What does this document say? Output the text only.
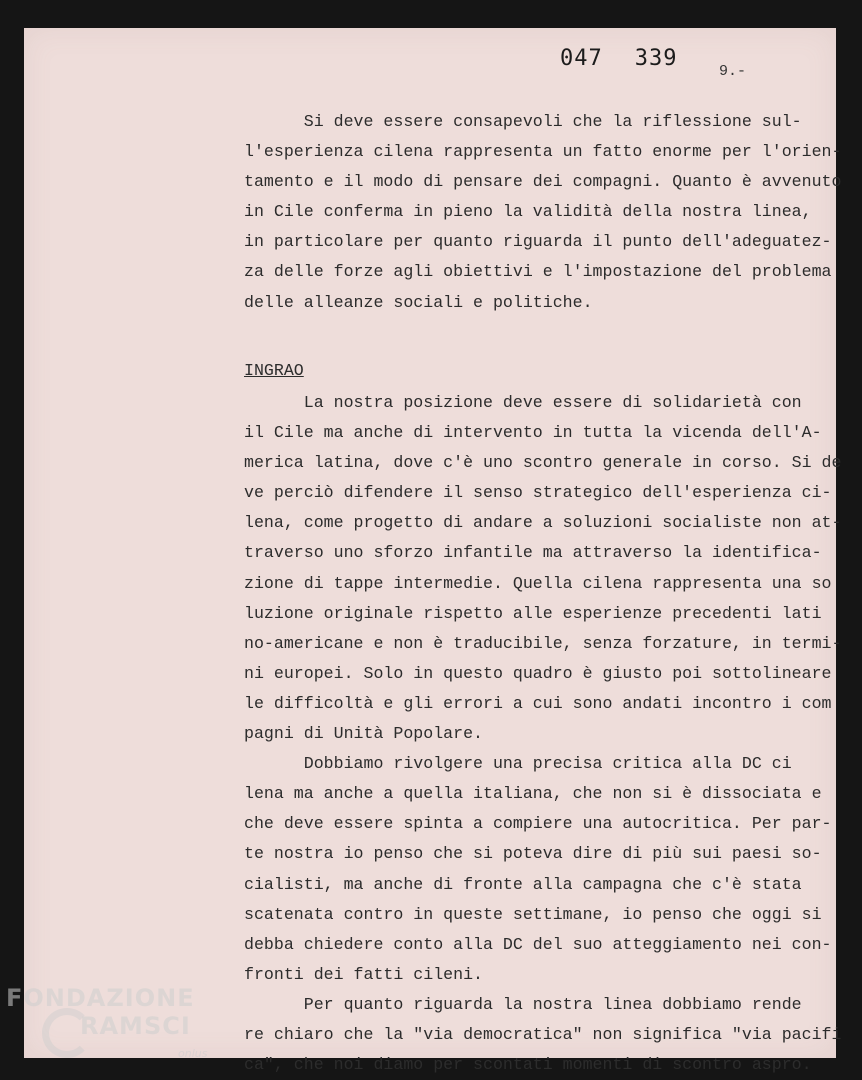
047 339
9.-
Si deve essere consapevoli che la riflessione sul-
l'esperienza cilena rappresenta un fatto enorme per l'orien-
tamento e il modo di pensare dei compagni. Quanto è avvenuto
in Cile conferma in pieno la validità della nostra linea,
in particolare per quanto riguarda il punto dell'adeguatez-
za delle forze agli obiettivi e l'impostazione del problema
delle alleanze sociali e politiche.
INGRAO
La nostra posizione deve essere di solidarietà con
il Cile ma anche di intervento in tutta la vicenda dell'A-
merica latina, dove c'è uno scontro generale in corso. Si de
ve perciò difendere il senso strategico dell'esperienza ci-
lena, come progetto di andare a soluzioni socialiste non at-
traverso uno sforzo infantile ma attraverso la identifica-
zione di tappe intermedie. Quella cilena rappresenta una so
luzione originale rispetto alle esperienze precedenti lati
no-americane e non è traducibile, senza forzature, in termi-
ni europei. Solo in questo quadro è giusto poi sottolineare
le difficoltà e gli errori a cui sono andati incontro i com
pagni di Unità Popolare.
Dobbiamo rivolgere una precisa critica alla DC ci
lena ma anche a quella italiana, che non si è dissociata e
che deve essere spinta a compiere una autocritica. Per par-
te nostra io penso che si poteva dire di più sui paesi so-
cialisti, ma anche di fronte alla campagna che c'è stata
scatenata contro in queste settimane, io penso che oggi si
debba chiedere conto alla DC del suo atteggiamento nei con-
fronti dei fatti cileni.
Per quanto riguarda la nostra linea dobbiamo rende
re chiaro che la "via democratica" non significa "via pacifi
ca", che noi diamo per scontati momenti di scontro aspro.
FONDAZIONE
RAMSCI
onlus
